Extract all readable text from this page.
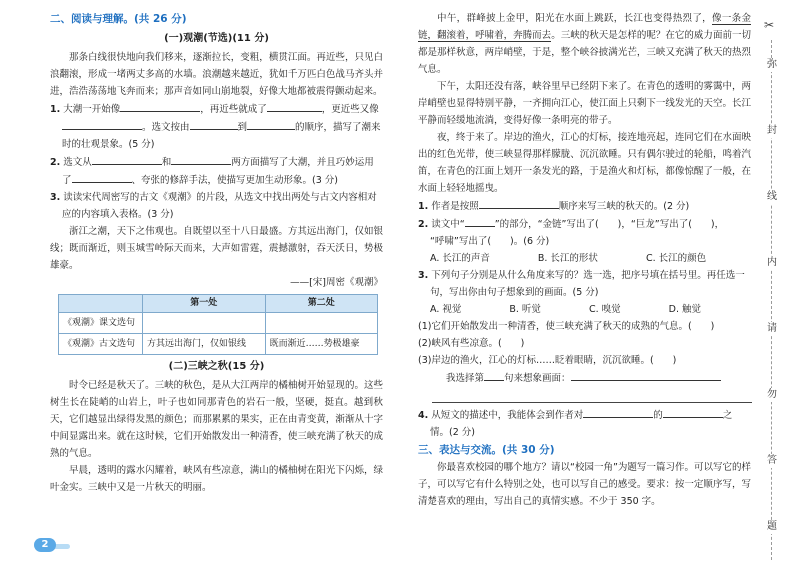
二、阅读与理解。(共 26 分)

(一)观潮(节选)(11 分)

那条白线很快地向我们移来，逐渐拉长，变粗，横贯江面。再近些，只见白浪翻滚，形成一堵两丈多高的水墙。浪潮越来越近，犹如千万匹白色战马齐头并进，浩浩荡荡地飞奔而来；那声音如同山崩地裂，好像大地都被震得颤动起来。

1. 大潮一开始像	，再近些就成了	，更近些又像。选文按由	到	的顺序，描写了潮来时的壮观景象。(5 分)

2. 选文从	和	两方面描写了大潮，并且巧妙运用了	、夸张的修辞手法，使描写更加生动形象。(3 分)

3. 读读宋代周密写的古文《观潮》的片段，从选文中找出两处与古文内容相对应的内容填入表格。(3 分)

浙江之潮，天下之伟观也。自既望以至十八日最盛。方其远出海门，仅如银线；既而渐近，则玉城雪岭际天而来，大声如雷霆，震撼激射，吞天沃日，势极雄豪。

——[宋]周密《观潮》

	第一处	第二处
《观潮》课文选句		
《观潮》古文选句	方其远出海门，仅如银线	既而渐近……势极雄豪

(二)三峡之秋(15 分)

时令已经是秋天了。三峡的秋色，是从大江两岸的橘柚树开始显现的。这些树生长在陡峭的山岩上，叶子也如同那青色的岩石一般，坚硬，挺直。越到秋天，它们越显出绿得发黑的颜色；而那累累的果实，正在由青变黄，渐渐从十字中间显露出来。就在这时候，它们开始散发出一种清香，使三峡充满了秋天的成熟的气息。

早晨，透明的露水闪耀着，峡风有些凉意，满山的橘柚树在阳光下闪烁，绿叶金实。三峡中又是一片秋天的明丽。

中午，群峰披上金甲，阳光在水面上跳跃，长江也变得热烈了，像一条金链，翻滚着，呼啸着，奔腾而去。三峡的秋天是怎样的呢？在它的威力面前一切都是那样秋意，两岸峭壁，于是，整个峡谷披满光芒，三峡又充满了秋天的热烈气息。

下午，太阳还没有落，峡谷里早已经阴下来了。在青色的透明的雾霭中，两岸峭壁也显得特别平静，一齐拥向江心，使江面上只剩下一线发光的天空。长江平静而轻缓地流淌，变得好像一条明亮的带子。

夜，终于来了。岸边的渔火，江心的灯标，接连地亮起，连同它们在水面映出的红色光带，使三峡显得那样朦胧、沉沉欲睡。只有偶尔驶过的轮船，鸣着汽笛，在青色的江面上划开一条发光的路，于是渔火和灯标，都像惊醒了一般，在水面上轻轻地摇曳。

1. 作者是按照	顺序来写三峡的秋天的。(2 分)

2. 读文中“	”的部分，“金链”写出了(　　)，“巨龙”写出了(　　)，
“呼啸”写出了(　　)。(6 分)

A. 长江的声音	B. 长江的形状	C. 长江的颜色

3. 下列句子分别是从什么角度来写的？选一选，把序号填在括号里。再任选一句，写出你由句子想象到的画面。(5 分)

A. 视觉	B. 听觉	C. 嗅觉	D. 触觉

(1)它们开始散发出一种清香，使三峡充满了秋天的成熟的气息。(　　)

(2)峡风有些凉意。(　　)

(3)岸边的渔火，江心的灯标……眨着眼睛，沉沉欲睡。(　　)

我选择第 句来想象画面：

4. 从短文的描述中，我能体会到作者对	的	之情。(2 分)

三、表达与交流。(共 30 分)

你最喜欢校园的哪个地方？请以“校园一角”为题写一篇习作。可以写它的样子，可以写它有什么特别之处，也可以写自己的感受。要求：按一定顺序写，写清楚喜欢的理由，写出自己的真情实感。不少于 350 字。

✂
弥
封
线
内
请
勿
答
题
2
